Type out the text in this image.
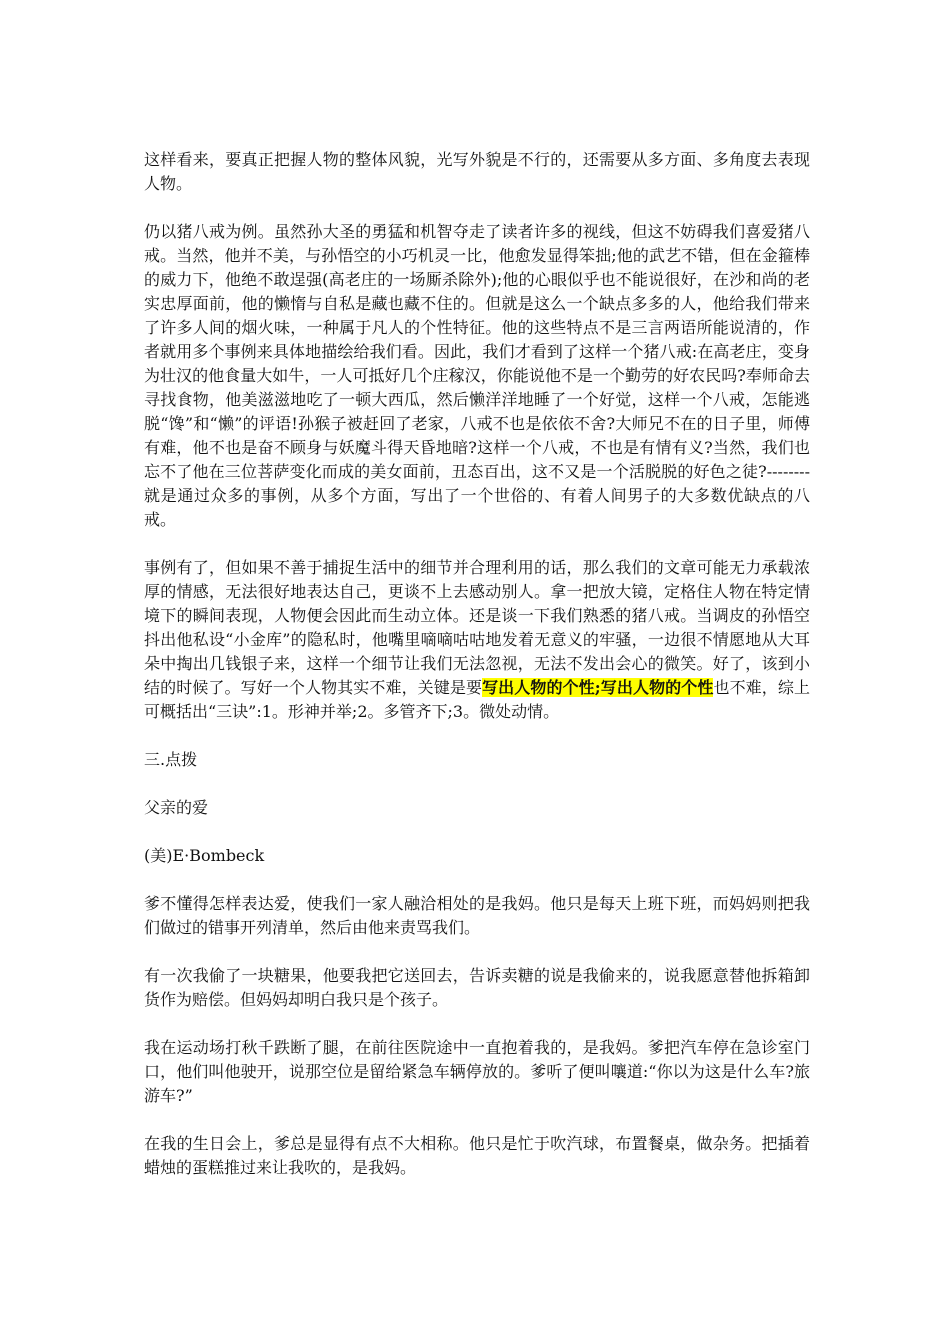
这样看来，要真正把握人物的整体风貌，光写外貌是不行的，还需要从多方面、多角度去表现人物。

仍以猪八戒为例。虽然孙大圣的勇猛和机智夺走了读者许多的视线，但这不妨碍我们喜爱猪八戒。当然，他并不美，与孙悟空的小巧机灵一比，他愈发显得笨拙;他的武艺不错，但在金箍棒的威力下，他绝不敢逞强(高老庄的一场厮杀除外);他的心眼似乎也不能说很好，在沙和尚的老实忠厚面前，他的懒惰与自私是藏也藏不住的。但就是这么一个缺点多多的人，他给我们带来了许多人间的烟火味，一种属于凡人的个性特征。他的这些特点不是三言两语所能说清的，作者就用多个事例来具体地描绘给我们看。因此，我们才看到了这样一个猪八戒:在高老庄，变身为壮汉的他食量大如牛，一人可抵好几个庄稼汉，你能说他不是一个勤劳的好农民吗?奉师命去寻找食物，他美滋滋地吃了一顿大西瓜，然后懒洋洋地睡了一个好觉，这样一个八戒，怎能逃脱“馋”和“懒”的评语!孙猴子被赶回了老家，八戒不也是依依不舍?大师兄不在的日子里，师傅有难，他不也是奋不顾身与妖魔斗得天昏地暗?这样一个八戒，不也是有情有义?当然，我们也忘不了他在三位菩萨变化而成的美女面前，丑态百出，这不又是一个活脱脱的好色之徒?--------就是通过众多的事例，从多个方面，写出了一个世俗的、有着人间男子的大多数优缺点的八戒。

事例有了，但如果不善于捕捉生活中的细节并合理利用的话，那么我们的文章可能无力承载浓厚的情感，无法很好地表达自己，更谈不上去感动别人。拿一把放大镜，定格住人物在特定情境下的瞬间表现，人物便会因此而生动立体。还是谈一下我们熟悉的猪八戒。当调皮的孙悟空抖出他私设“小金库”的隐私时，他嘴里嘀嘀咕咕地发着无意义的牢骚，一边很不情愿地从大耳朵中掏出几钱银子来，这样一个细节让我们无法忽视，无法不发出会心的微笑。好了，该到小结的时候了。写好一个人物其实不难，关键是要写出人物的个性;写出人物的个性也不难，综上可概括出“三诀”:1。形神并举;2。多管齐下;3。微处动情。

三.点拨

父亲的爱

(美)E·Bombeck

爹不懂得怎样表达爱，使我们一家人融洽相处的是我妈。他只是每天上班下班，而妈妈则把我们做过的错事开列清单，然后由他来责骂我们。

有一次我偷了一块糖果，他要我把它送回去，告诉卖糖的说是我偷来的，说我愿意替他拆箱卸货作为赔偿。但妈妈却明白我只是个孩子。

我在运动场打秋千跌断了腿，在前往医院途中一直抱着我的，是我妈。爹把汽车停在急诊室门口，他们叫他驶开，说那空位是留给紧急车辆停放的。爹听了便叫嚷道:“你以为这是什么车?旅游车?”

在我的生日会上，爹总是显得有点不大相称。他只是忙于吹汽球，布置餐桌，做杂务。把插着蜡烛的蛋糕推过来让我吹的，是我妈。
